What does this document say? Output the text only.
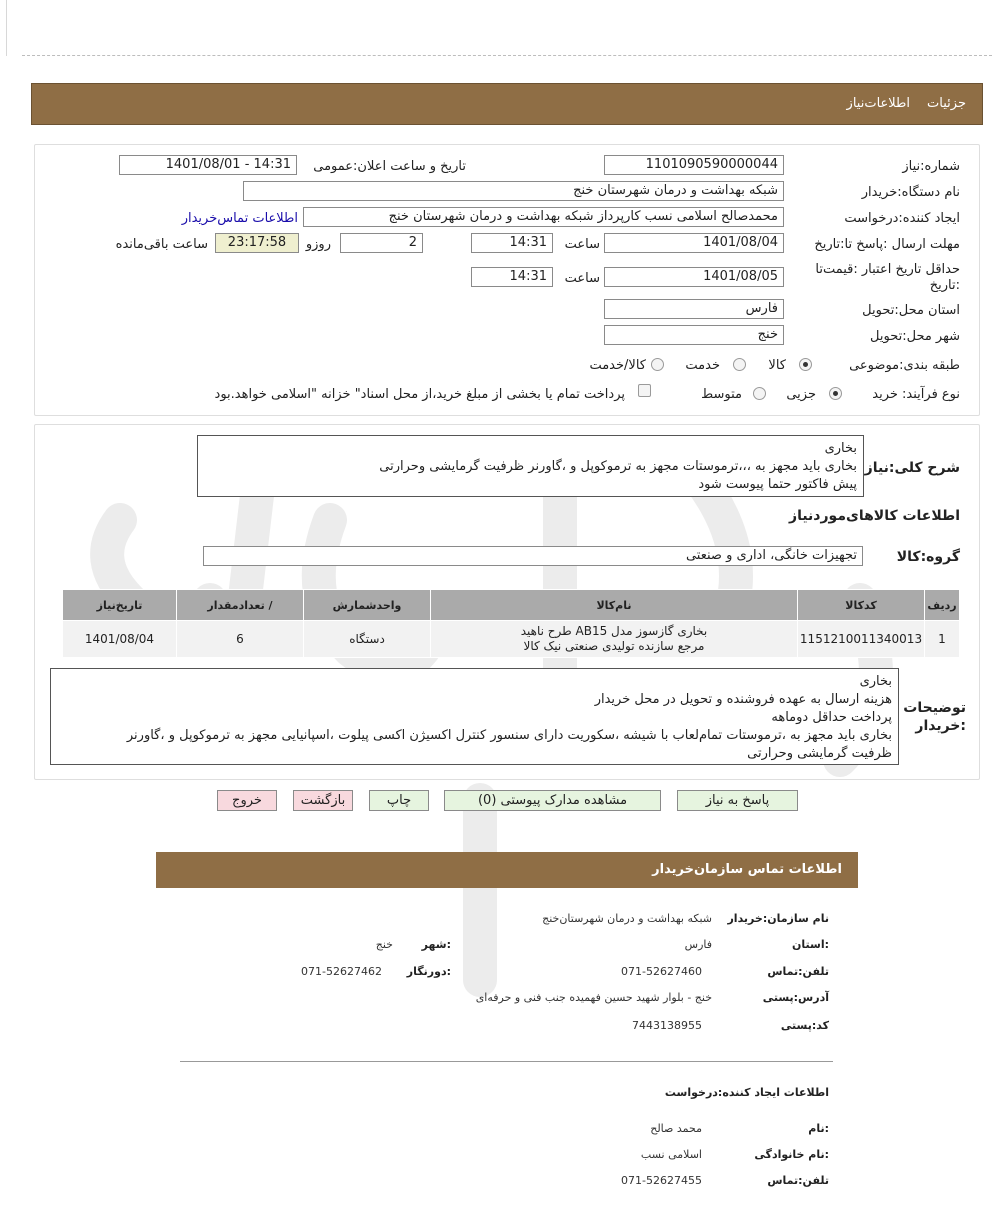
جزئیات
اطلاعات‌نیاز
شماره:نیاز
1101090590000044
تاریخ و ساعت اعلان:عمومی
1401/08/01 - 14:31
نام دستگاه:خریدار
شبکه بهداشت و درمان شهرستان خنج
ایجاد کننده:درخواست
محمدصالح اسلامی نسب کارپرداز شبکه بهداشت و درمان شهرستان خنج
اطلاعات تماس‌خریدار
مهلت ارسال :پاسخ تا:تاریخ
1401/08/04
ساعت
14:31
2
روزو
23:17:58
ساعت باقی‌مانده
حداقل تاریخ اعتبار :قیمت‌تا
:تاریخ
1401/08/05
ساعت
14:31
استان محل:تحویل
فارس
شهر محل:تحویل
خنج
طبقه بندی:موضوعی
کالا
خدمت
کالا/خدمت
نوع فرآیند: خرید
جزیی
متوسط
پرداخت تمام یا بخشی از مبلغ خرید،از محل اسناد" خزانه "اسلامی خواهد.بود
شرح کلی:نیاز
بخاری
بخاری باید مجهز به ،،،ترموستات مجهز به ترموکوپل و ،گاورنر ظرفیت گرمایشی وحرارتی
پیش فاکتور حتما پیوست شود
اطلاعات کالاهای‌مورد‌نیاز
گروه:کالا
تجهیزات خانگی، اداری و صنعتی
ردیف	کدکالا	نام‌کالا	واحدشمارش	/ تعدادمقدار	تاریخ‌نیاز
1	1151210011340013	بخاری گازسوز مدل AB15 طرح ناهید
مرجع سازنده تولیدی صنعتی نیک کالا	دستگاه	6	1401/08/04
توضیحات
:خریدار
بخاری
هزینه ارسال به عهده فروشنده و تحویل در محل خریدار
پرداخت حداقل دوماهه
بخاری باید مجهز به ،ترموستات تمام‌لعاب با شیشه ،سکوریت دارای سنسور کنترل اکسیژن اکسی پیلوت ،اسپانیایی مجهز به ترموکوپل و ،گاورنر
ظرفیت گرمایشی وحرارتی
پاسخ به نیاز
مشاهده مدارک پیوستی (0)
چاپ
بازگشت
خروج
اطلاعات تماس سازمان‌خریدار
نام سازمان:خریدار
شبکه بهداشت و درمان شهرستان‌خنج
:استان
فارس
:شهر
خنج
تلفن:تماس
071-52627460
:دورنگار
071-52627462
آدرس:پستی
خنج - بلوار شهید حسین فهمیده جنب فنی و حرفه‌ای
کد:پستی
7443138955
اطلاعات ایجاد کننده:درخواست
:نام
محمد صالح
:نام خانوادگی
اسلامی نسب
تلفن:تماس
071-52627455
